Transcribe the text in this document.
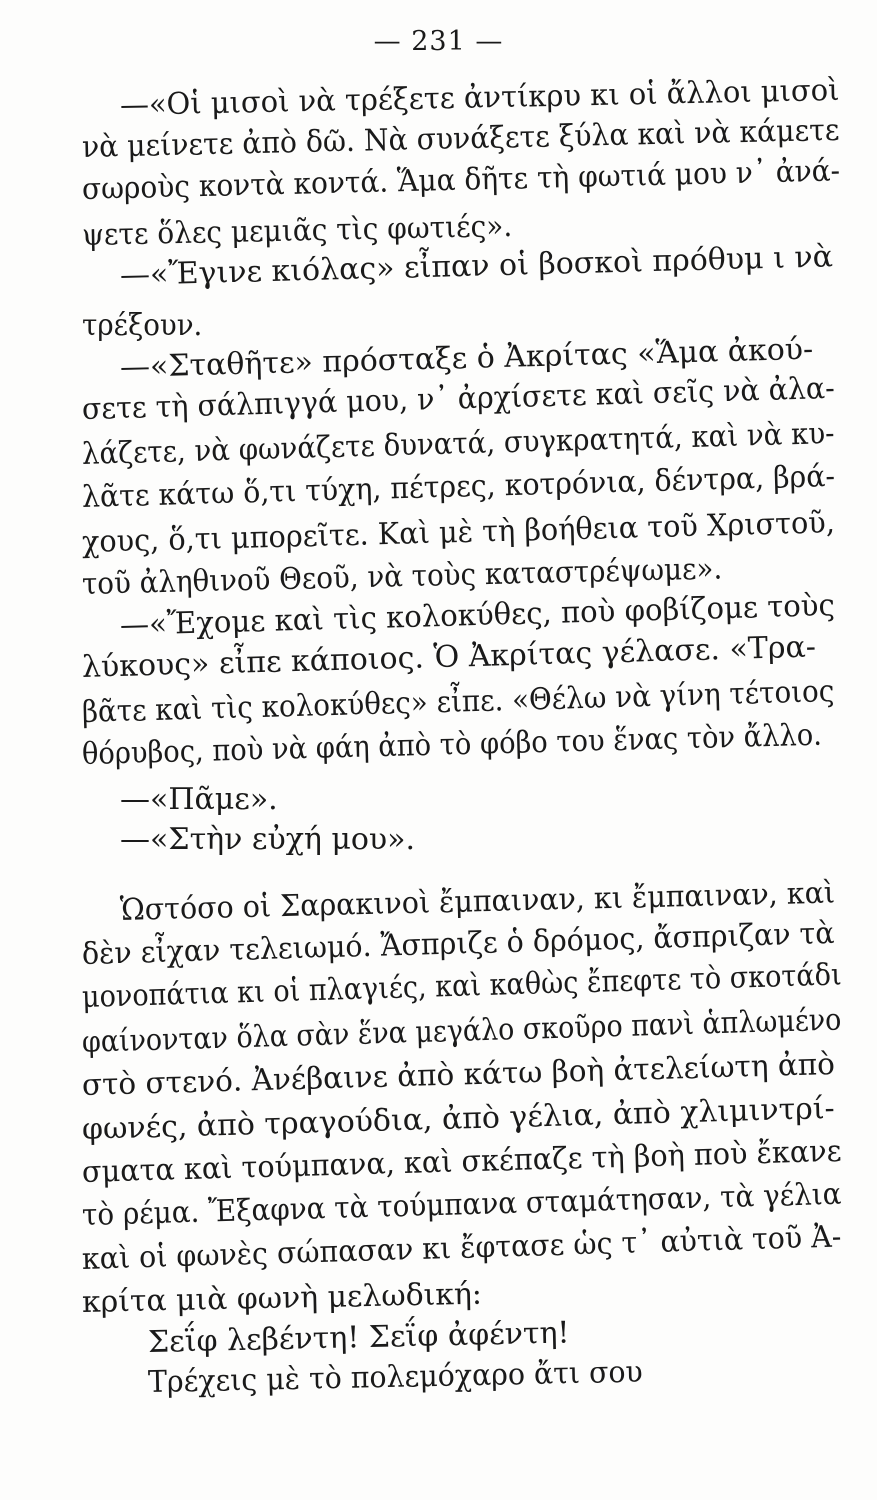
— 231 —
—«Οἱ μισοὶ νὰ τρέξετε ἀντίκρυ κι οἱ ἄλλοι μισοὶ
νὰ μείνετε ἀπὸ δῶ. Νὰ συνάξετε ξύλα καὶ νὰ κάμετε
σωροὺς κοντὰ κοντά. Ἅμα δῆτε τὴ φωτιά μου ν᾿ ἀνά-
ψετε ὅλες μεμιᾶς τὶς φωτιές».
—«Ἔγινε κιόλας» εἶπαν οἱ βοσκοὶ πρόθυμ ι νὰ
τρέξουν.
—«Σταθῆτε» πρόσταξε ὁ Ἀκρίτας «Ἅμα ἀκού-
σετε τὴ σάλπιγγά μου, ν᾿ ἀρχίσετε καὶ σεῖς νὰ ἀλα-
λάζετε, νὰ φωνάζετε δυνατά, συγκρατητά, καὶ νὰ κυ-
λᾶτε κάτω ὅ,τι τύχη, πέτρες, κοτρόνια, δέντρα, βρά-
χους, ὅ,τι μπορεῖτε. Καὶ μὲ τὴ βοήθεια τοῦ Χριστοῦ,
τοῦ ἀληθινοῦ Θεοῦ, νὰ τοὺς καταστρέψωμε».
—«Ἔχομε καὶ τὶς κολοκύθες, ποὺ φοβίζομε τοὺς
λύκους» εἶπε κάποιος. Ὁ Ἀκρίτας γέλασε. «Τρα-
βᾶτε καὶ τὶς κολοκύθες» εἶπε. «Θέλω νὰ γίνη τέτοιος
θόρυβος, ποὺ νὰ φάη ἀπὸ τὸ φόβο του ἕνας τὸν ἄλλο.
—«Πᾶμε».
—«Στὴν εὐχή μου».
Ὡστόσο οἱ Σαρακινοὶ ἔμπαιναν, κι ἔμπαιναν, καὶ
δὲν εἶχαν τελειωμό. Ἄσπριζε ὁ δρόμος, ἄσπριζαν τὰ
μονοπάτια κι οἱ πλαγιές, καὶ καθὼς ἔπεφτε τὸ σκοτάδι
φαίνονταν ὅλα σὰν ἕνα μεγάλο σκοῦρο πανὶ ἁπλωμένο
στὸ στενό. Ἀνέβαινε ἀπὸ κάτω βοὴ ἀτελείωτη ἀπὸ
φωνές, ἀπὸ τραγούδια, ἀπὸ γέλια, ἀπὸ χλιμιντρί-
σματα καὶ τούμπανα, καὶ σκέπαζε τὴ βοὴ ποὺ ἔκανε
τὸ ρέμα. Ἔξαφνα τὰ τούμπανα σταμάτησαν, τὰ γέλια
καὶ οἱ φωνὲς σώπασαν κι ἔφτασε ὡς τ᾿ αὐτιὰ τοῦ Ἀ-
κρίτα μιὰ φωνὴ μελωδική:
Σεΐφ λεβέντη! Σεΐφ ἀφέντη!
Τρέχεις μὲ τὸ πολεμόχαρο ἄτι σου
